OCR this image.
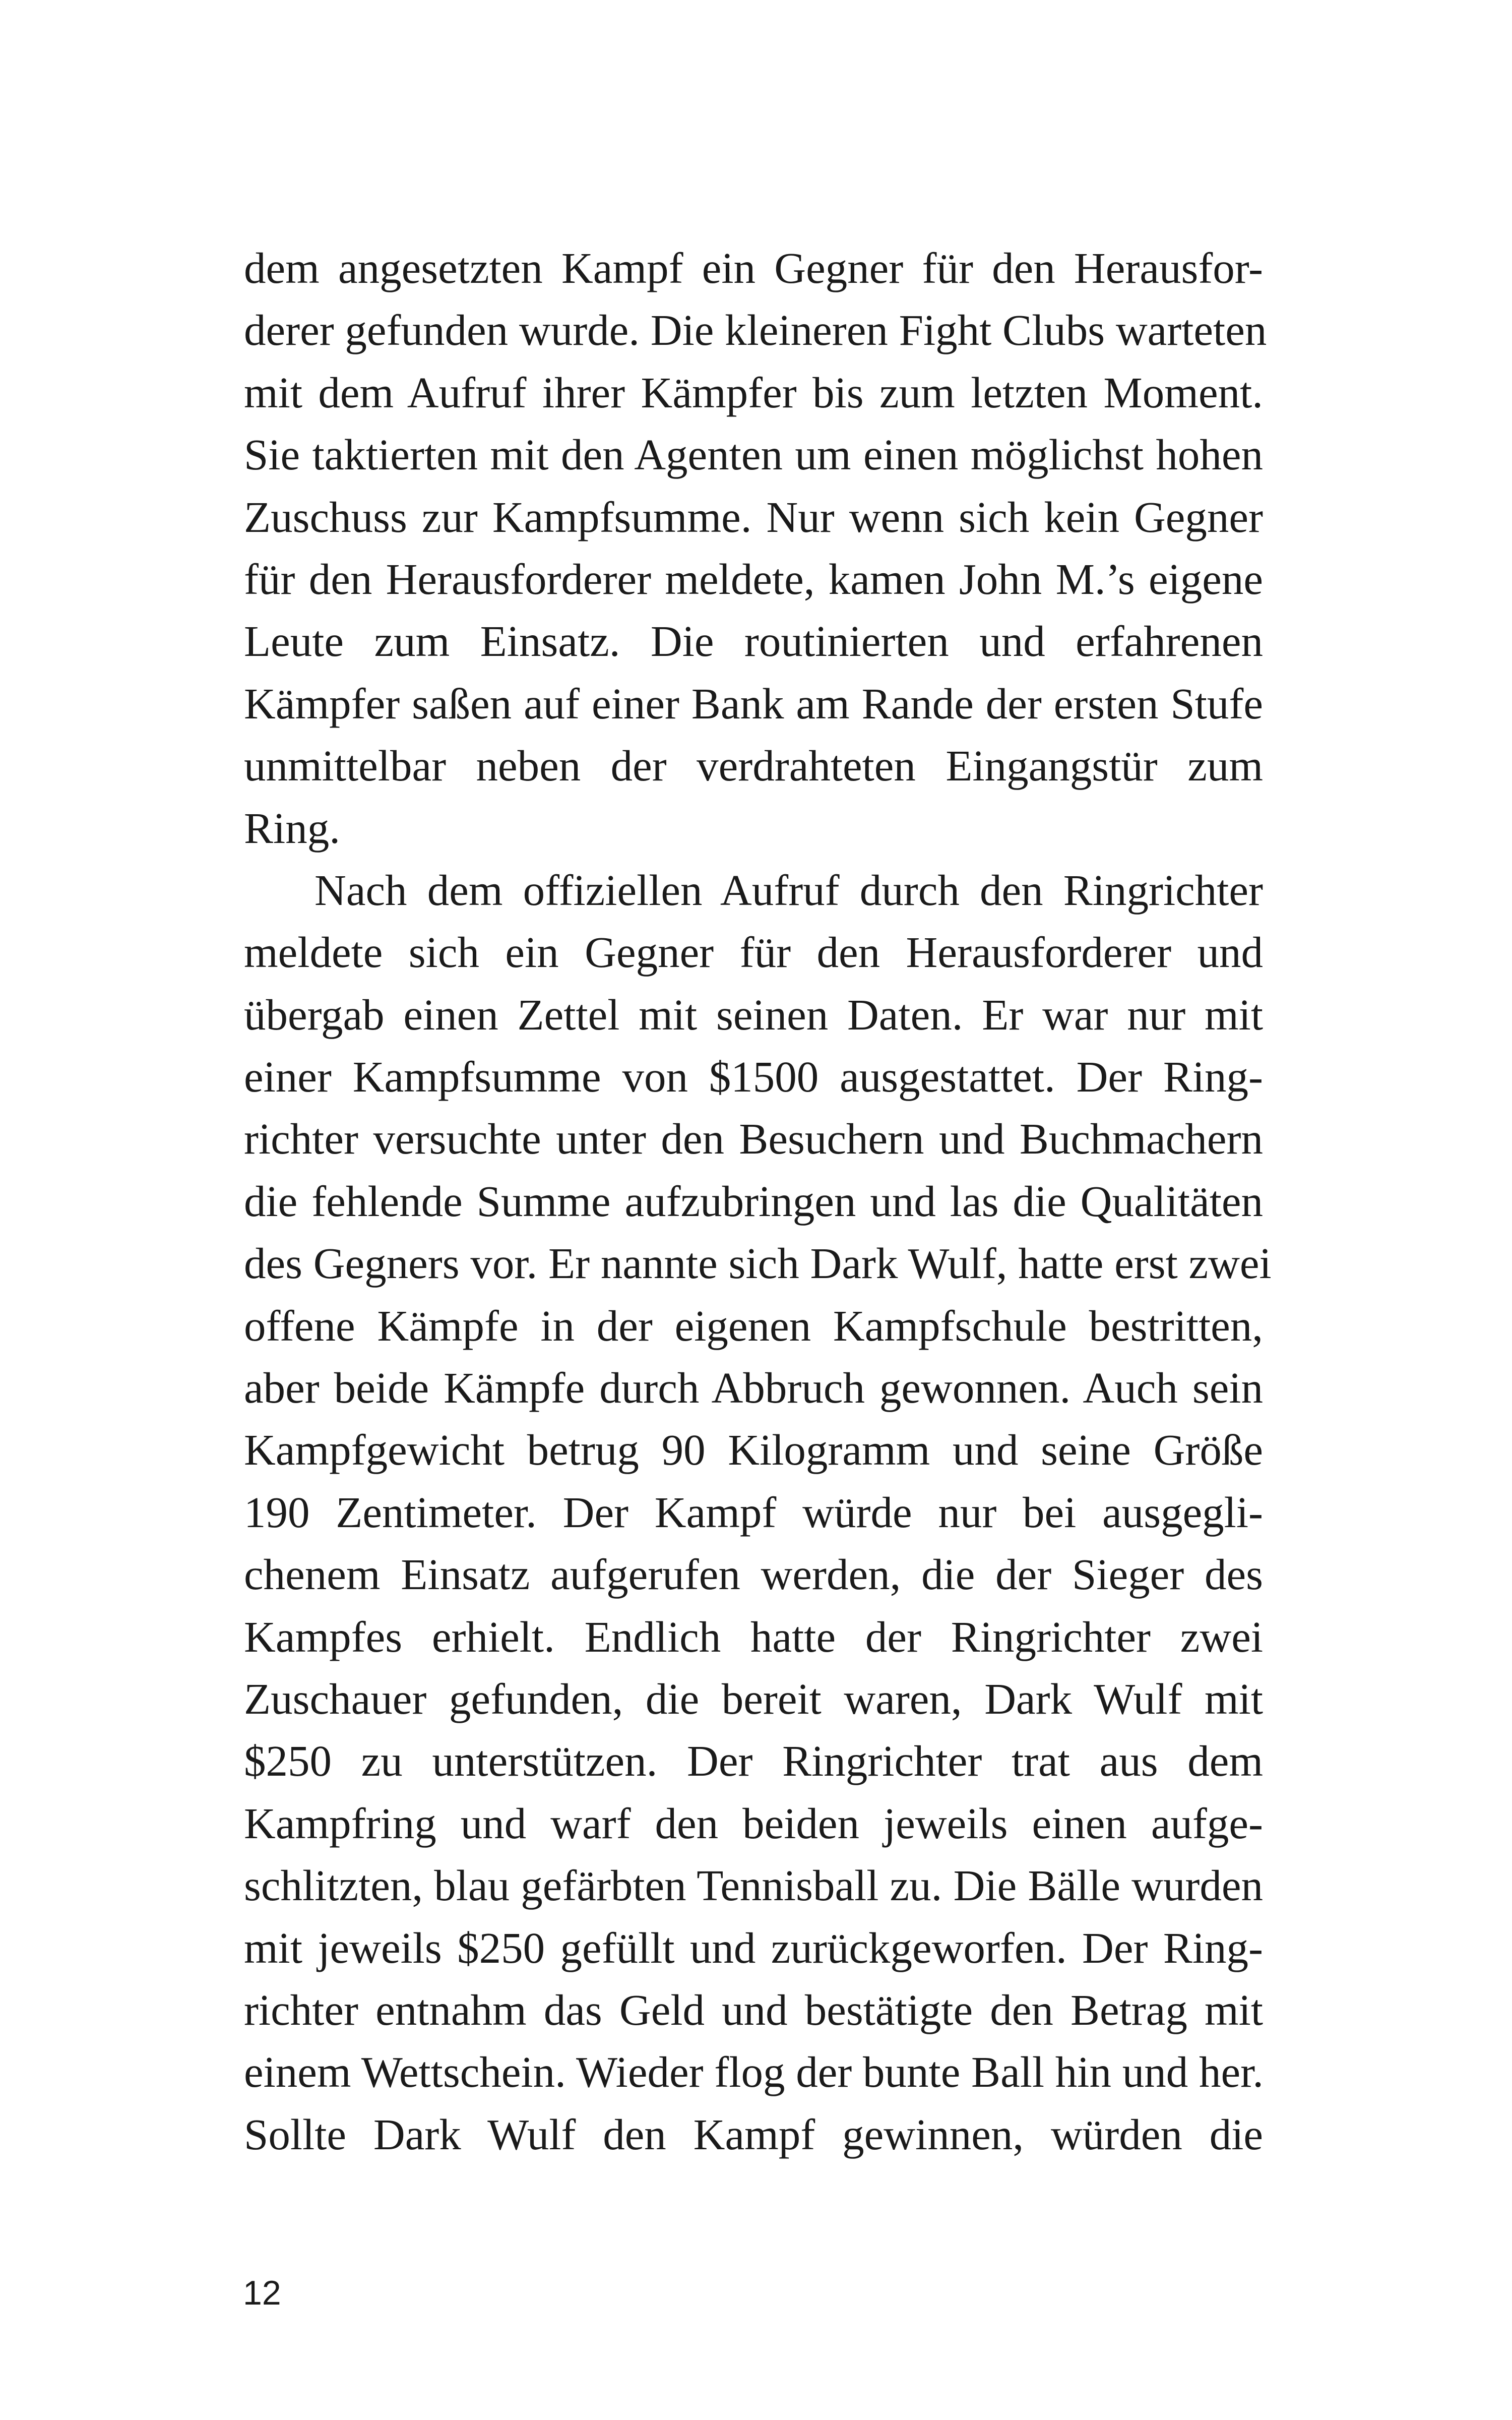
dem angesetzten Kampf ein Gegner für den Herausfor-
derer gefunden wurde. Die kleineren Fight Clubs warteten
mit dem Aufruf ihrer Kämpfer bis zum letzten Moment.
Sie taktierten mit den Agenten um einen möglichst hohen
Zuschuss zur Kampfsumme. Nur wenn sich kein Gegner
für den Herausforderer meldete, kamen John M.’s eigene
Leute zum Einsatz. Die routinierten und erfahrenen
Kämpfer saßen auf einer Bank am Rande der ersten Stufe
unmittelbar neben der verdrahteten Eingangstür zum
Ring.
Nach dem offiziellen Aufruf durch den Ringrichter
meldete sich ein Gegner für den Herausforderer und
übergab einen Zettel mit seinen Daten. Er war nur mit
einer Kampfsumme von $1500 ausgestattet. Der Ring-
richter versuchte unter den Besuchern und Buchmachern
die fehlende Summe aufzubringen und las die Qualitäten
des Gegners vor. Er nannte sich Dark Wulf, hatte erst zwei
offene Kämpfe in der eigenen Kampfschule bestritten,
aber beide Kämpfe durch Abbruch gewonnen. Auch sein
Kampfgewicht betrug 90 Kilogramm und seine Größe
190 Zentimeter. Der Kampf würde nur bei ausgegli-
chenem Einsatz aufgerufen werden, die der Sieger des
Kampfes erhielt. Endlich hatte der Ringrichter zwei
Zuschauer gefunden, die bereit waren, Dark Wulf mit
$250 zu unterstützen. Der Ringrichter trat aus dem
Kampfring und warf den beiden jeweils einen aufge-
schlitzten, blau gefärbten Tennisball zu. Die Bälle wurden
mit jeweils $250 gefüllt und zurückgeworfen. Der Ring-
richter entnahm das Geld und bestätigte den Betrag mit
einem Wettschein. Wieder flog der bunte Ball hin und her.
Sollte Dark Wulf den Kampf gewinnen, würden die
12
